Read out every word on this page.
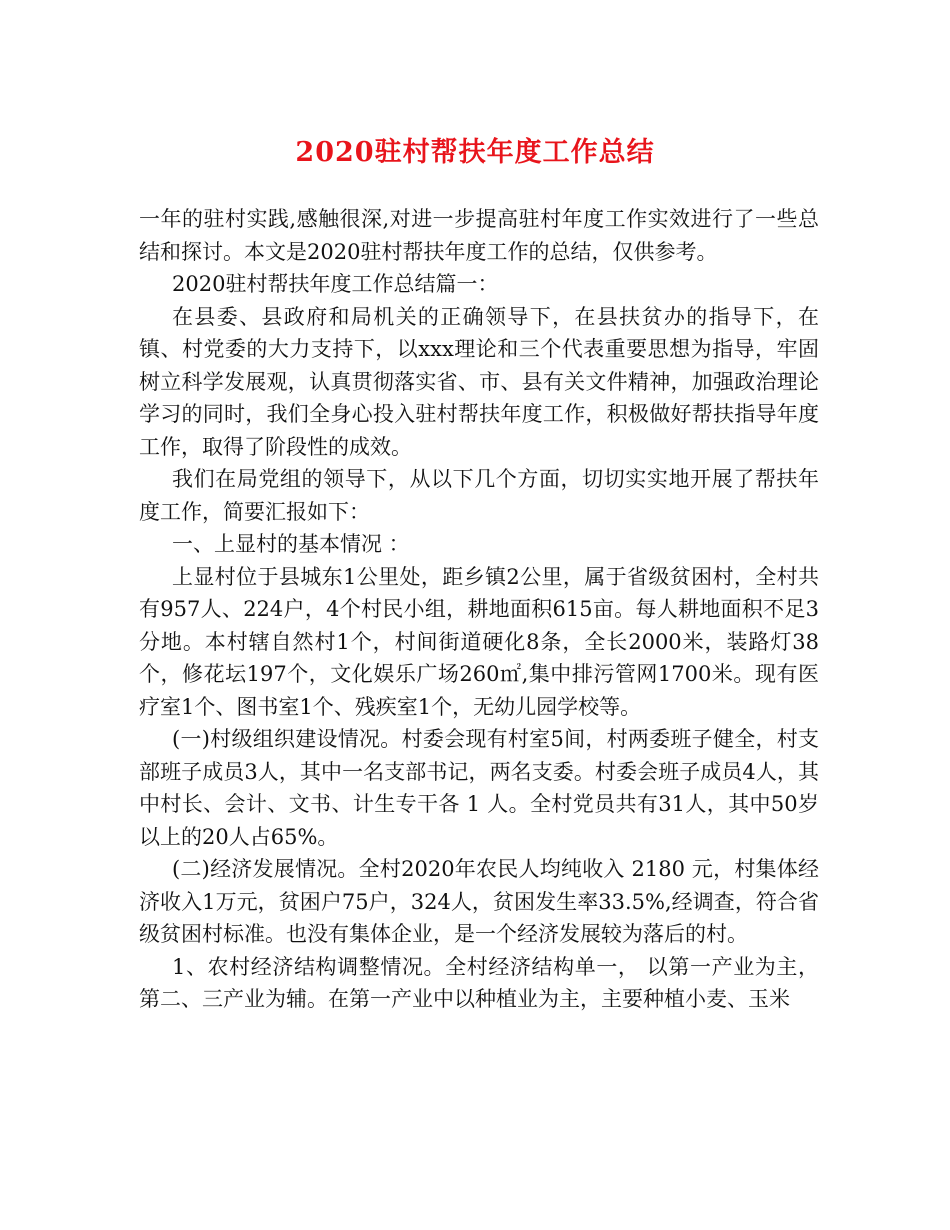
2020驻村帮扶年度工作总结

一年的驻村实践,感触很深,对进一步提高驻村年度工作实效进行了一些总结和探讨。本文是2020驻村帮扶年度工作的总结，仅供参考。

2020驻村帮扶年度工作总结篇一：

在县委、县政府和局机关的正确领导下，在县扶贫办的指导下，在镇、村党委的大力支持下，以xxx理论和三个代表重要思想为指导，牢固树立科学发展观，认真贯彻落实省、市、县有关文件精神，加强政治理论学习的同时，我们全身心投入驻村帮扶年度工作，积极做好帮扶指导年度工作，取得了阶段性的成效。

我们在局党组的领导下，从以下几个方面，切切实实地开展了帮扶年度工作，简要汇报如下：

一、上显村的基本情况 ：

上显村位于县城东1公里处，距乡镇2公里，属于省级贫困村，全村共有957人、224户，4个村民小组，耕地面积615亩。每人耕地面积不足3分地。本村辖自然村1个，村间街道硬化8条，全长2000米，装路灯38个，修花坛197个，文化娱乐广场260㎡,集中排污管网1700米。现有医疗室1个、图书室1个、残疾室1个，无幼儿园学校等。

(一)村级组织建设情况。村委会现有村室5间，村两委班子健全，村支部班子成员3人，其中一名支部书记，两名支委。村委会班子成员4人，其中村长、会计、文书、计生专干各 1 人。全村党员共有31人，其中50岁以上的20人占65%。

(二)经济发展情况。全村2020年农民人均纯收入 2180 元，村集体经济收入1万元，贫困户75户，324人，贫困发生率33.5%,经调查，符合省级贫困村标准。也没有集体企业，是一个经济发展较为落后的村。

1、农村经济结构调整情况。全村经济结构单一， 以第一产业为主，第二、三产业为辅。在第一产业中以种植业为主，主要种植小麦、玉米
